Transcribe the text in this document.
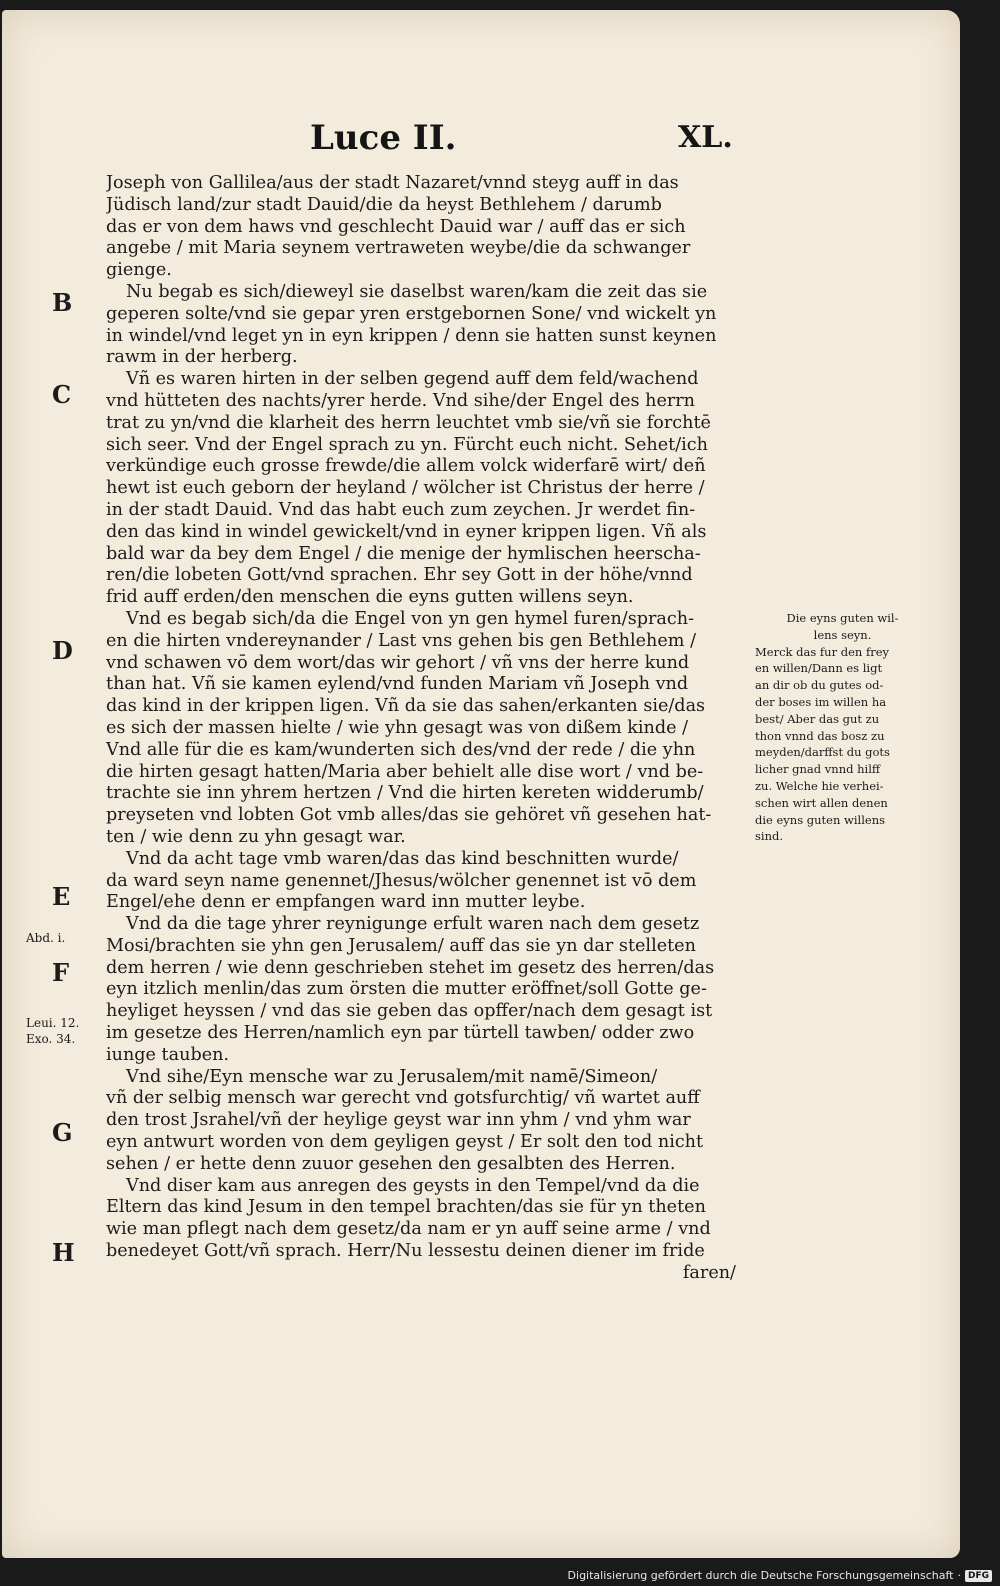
Luce II.	XL.
Joseph von Gallilea/aus der stadt Nazaret/vnnd steyg auff in das
Jüdisch land/zur stadt Dauid/die da heyst Bethlehem / darumb
das er von dem haws vnd geschlecht Dauid war / auff das er sich
angebe / mit Maria seynem vertraweten weybe/die da schwanger
gienge.
Nu begab es sich/dieweyl sie daselbst waren/kam die zeit das sie
geperen solte/vnd sie gepar yren erstgebornen Sone/ vnd wickelt yn
in windel/vnd leget yn in eyn krippen / denn sie hatten sunst keynen
rawm in der herberg.
Vñ es waren hirten in der selben gegend auff dem feld/wachend
vnd hütteten des nachts/yrer herde. Vnd sihe/der Engel des herrn
trat zu yn/vnd die klarheit des herrn leuchtet vmb sie/vñ sie forchtē
sich seer. Vnd der Engel sprach zu yn. Fürcht euch nicht. Sehet/ich
verkündige euch grosse frewde/die allem volck widerfarē wirt/ deñ
hewt ist euch geborn der heyland / wölcher ist Christus der herre /
in der stadt Dauid. Vnd das habt euch zum zeychen. Jr werdet fin-
den das kind in windel gewickelt/vnd in eyner krippen ligen. Vñ als
bald war da bey dem Engel / die menige der hymlischen heerscha-
ren/die lobeten Gott/vnd sprachen. Ehr sey Gott in der höhe/vnnd
frid auff erden/den menschen die eyns gutten willens seyn.
Vnd es begab sich/da die Engel von yn gen hymel furen/sprach-
en die hirten vndereynander / Last vns gehen bis gen Bethlehem /
vnd schawen vō dem wort/das wir gehort / vñ vns der herre kund
than hat. Vñ sie kamen eylend/vnd funden Mariam vñ Joseph vnd
das kind in der krippen ligen. Vñ da sie das sahen/erkanten sie/das
es sich der massen hielte / wie yhn gesagt was von dißem kinde /
Vnd alle für die es kam/wunderten sich des/vnd der rede / die yhn
die hirten gesagt hatten/Maria aber behielt alle dise wort / vnd be-
trachte sie inn yhrem hertzen / Vnd die hirten kereten widderumb/
preyseten vnd lobten Got vmb alles/das sie gehöret vñ gesehen hat-
ten / wie denn zu yhn gesagt war.
Vnd da acht tage vmb waren/das das kind beschnitten wurde/
da ward seyn name genennet/Jhesus/wölcher genennet ist vō dem
Engel/ehe denn er empfangen ward inn mutter leybe.
Vnd da die tage yhrer reynigunge erfult waren nach dem gesetz
Mosi/brachten sie yhn gen Jerusalem/ auff das sie yn dar stelleten
dem herren / wie denn geschrieben stehet im gesetz des herren/das
eyn itzlich menlin/das zum örsten die mutter eröffnet/soll Gotte ge-
heyliget heyssen / vnd das sie geben das opffer/nach dem gesagt ist
im gesetze des Herren/namlich eyn par türtell tawben/ odder zwo
iunge tauben.
Vnd sihe/Eyn mensche war zu Jerusalem/mit namē/Simeon/
vñ der selbig mensch war gerecht vnd gotsfurchtig/ vñ wartet auff
den trost Jsrahel/vñ der heylige geyst war inn yhm / vnd yhm war
eyn antwurt worden von dem geyligen geyst / Er solt den tod nicht
sehen / er hette denn zuuor gesehen den gesalbten des Herren.
Vnd diser kam aus anregen des geysts in den Tempel/vnd da die
Eltern das kind Jesum in den tempel brachten/das sie für yn theten
wie man pflegt nach dem gesetz/da nam er yn auff seine arme / vnd
benedeyet Gott/vñ sprach. Herr/Nu lessestu deinen diener im fride
faren/
B
C
D
E
F
G
H
Abd. i.
Leui. 12.
Exo. 34.
Die eyns guten wil-
lens seyn.
Merck das fur den frey
en willen/Dann es ligt
an dir ob du gutes od-
der boses im willen ha
best/ Aber das gut zu
thon vnnd das bosz zu
meyden/darffst du gots
licher gnad vnnd hilff
zu. Welche hie verhei-
schen wirt allen denen
die eyns guten willens
sind.
Digitalisierung gefördert durch die Deutsche Forschungsgemeinschaft · DFG
